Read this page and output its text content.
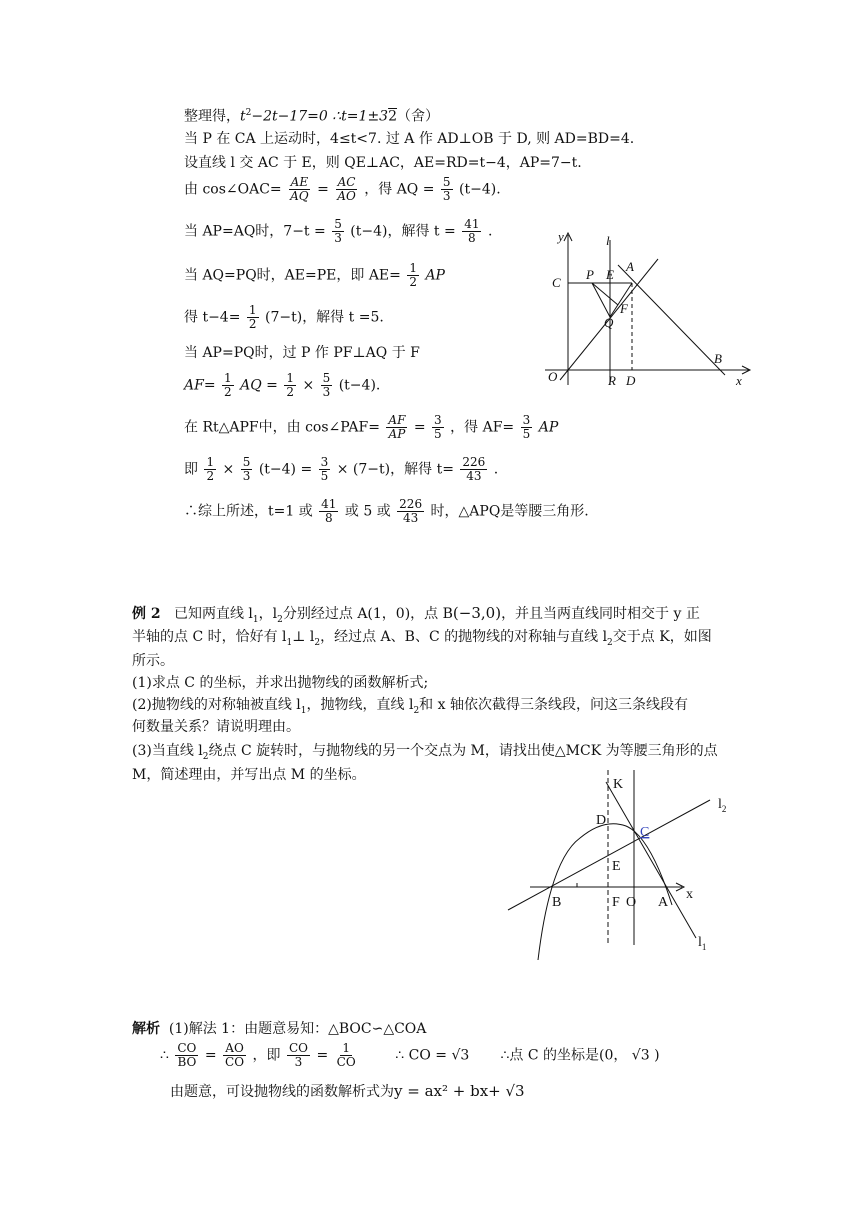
整理得，$t^2-2t-17=0$ ∴t=1±32（舍）
当 P 在 CA 上运动时，4≤t<7. 过 A 作 AD⊥OB 于 D, 则 AD=BD=4.
设直线 l 交 AC 于 E，则 QE⊥AC，AE=RD=t−4，AP=7−t.
由 cos∠OAC= $\frac{AE}{AQ} = \frac{AC}{AO}$ ，得 AQ = $\frac{5}{3} (t-4)$.
当 AP=AQ时，$7-t = \frac{5}{3} (t-4)$，解得 $t = \frac{41}{8}$ .
当 AQ=PQ时，AE=PE，即 $AE= \frac{1}{2}$ AP
得 $t-4= \frac{1}{2} (7-t)$，解得 t =5.
当 AP=PQ时，过 P 作 PF⊥AQ 于 F
$AF= \frac{1}{2}$ AQ = $\frac{1}{2} \times \frac{5}{3} (t-4)$.
在 Rt△APF中，由 cos∠PAF= $\frac{AF}{AP} = \frac{3}{5}$ ，得 $AF= \frac{3}{5}$ AP
即 $\frac{1}{2} \times \frac{5}{3} (t-4) = \frac{3}{5} \times (7-t)$，解得 $t= \frac{226}{43}$ .
∴综上所述，t=1 或 $\frac{41}{8}$ 或 5 或 $\frac{226}{43}$ 时，△APQ是等腰三角形.
y	l
C
P E
A
F
Q
O	R D
B
x
例 2 已知两直线 $l_1$，$l_2$分别经过点 A(1，0)，点 B(−3,0)，并且当两直线同时相交于 y 正
半轴的点 C 时，恰好有 $l_1\perp$ $l_2$，经过点 A、B、C 的抛物线的对称轴与直线 $l_2$交于点 K，如图
所示。
(1)求点 C 的坐标，并求出抛物线的函数解析式;
(2)抛物线的对称轴被直线 $l_1$，抛物线，直线 $l_2$和 x 轴依次截得三条线段，问这三条线段有
何数量关系？请说明理由。
(3)当直线 $l_2$绕点 C 旋转时，与抛物线的另一个交点为 M，请找出使△MCK 为等腰三角形的点
M，简述理由，并写出点 M 的坐标。
K
$l_2$
D
C
E
x
B	F O A
$l_1$
解析 (1)解法 1：由题意易知：△BOC∽△COA
∴ $\frac{CO}{BO} = \frac{AO}{CO}$ ，即 $\frac{CO}{3} = \frac{1}{CO}$	∴ CO = √3 ∴点 C 的坐标是(0， √3 )
由题意，可设抛物线的函数解析式为y = ax² + bx+ √3
